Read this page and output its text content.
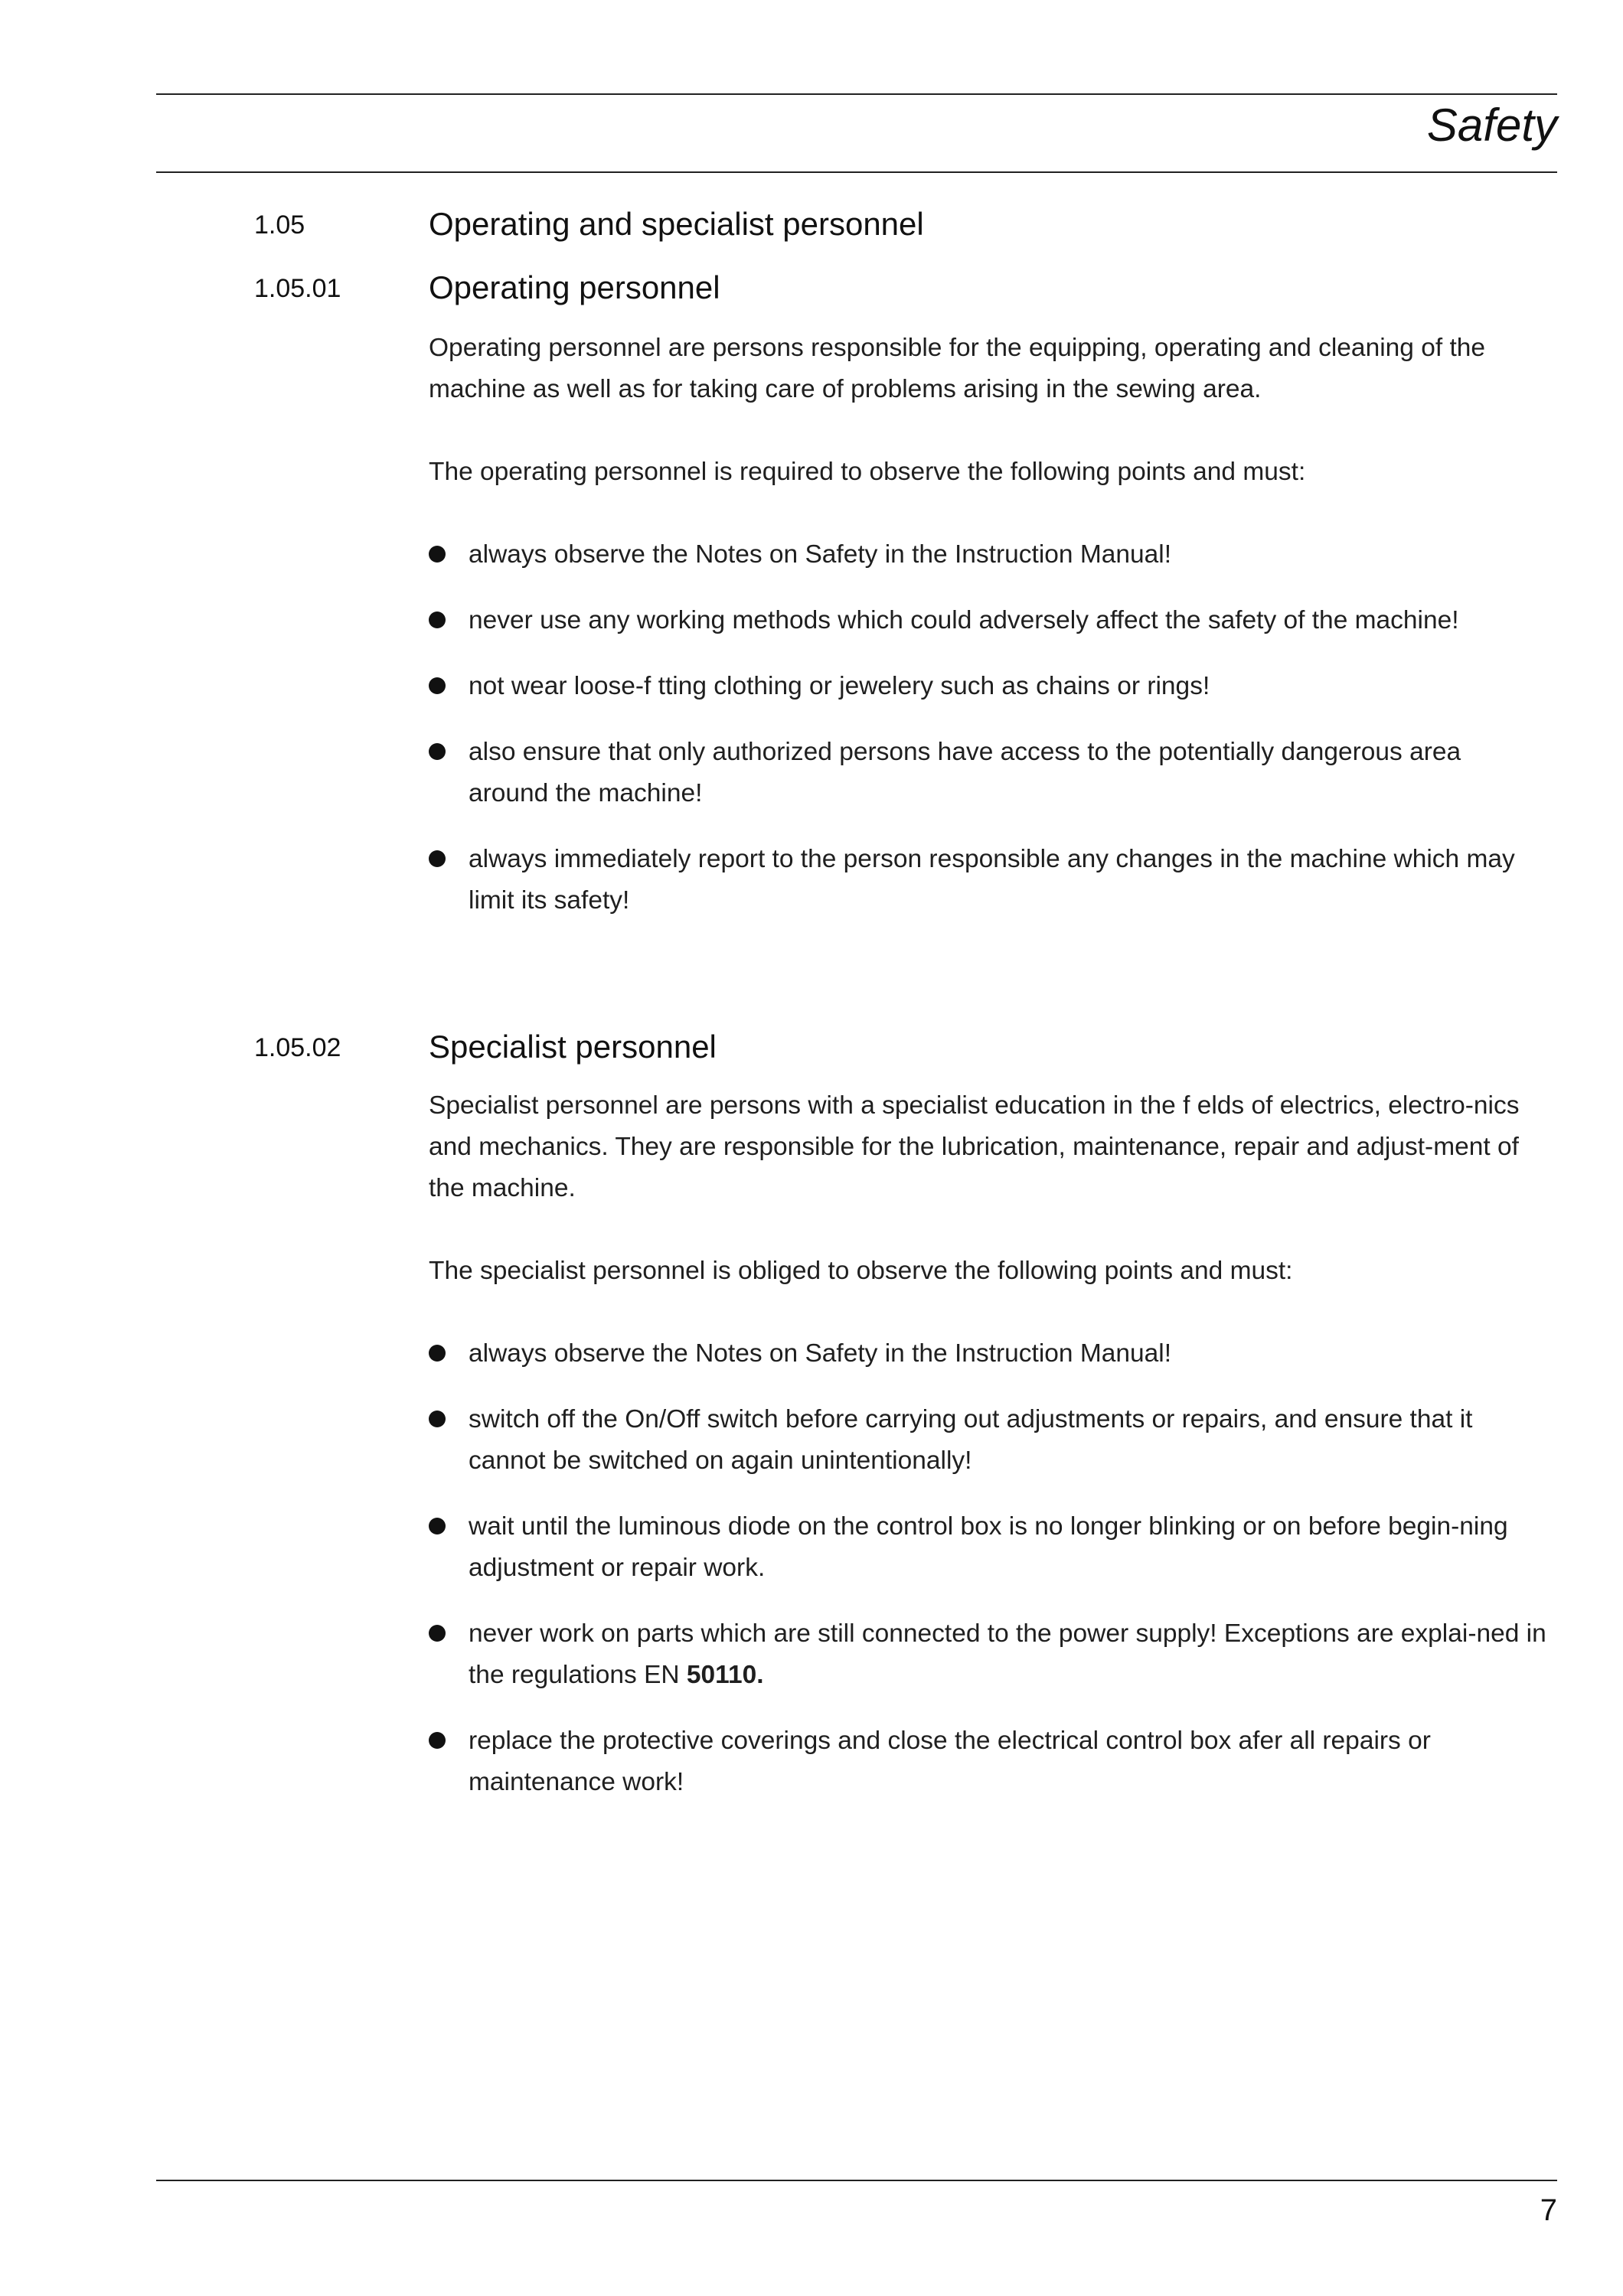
Safety
1.05	Operating and specialist personnel
1.05.01	Operating personnel

Operating personnel are persons responsible for the equipping, operating and cleaning of the machine as well as for taking care of problems arising in the sewing area.

The operating personnel is required to observe the following points and must:

always observe the Notes on Safety in the Instruction Manual!
never use any working methods which could adversely affect the safety of the machine!
not wear loose-f tting clothing or jewelery such as chains or rings!
also ensure that only authorized persons have access to the potentially dangerous area around the machine!
always immediately report to the person responsible any changes in the machine which may limit its safety!
1.05.02	Specialist personnel

Specialist personnel are persons with a specialist education in the f elds of electrics, electro-nics and mechanics. They are responsible for the lubrication, maintenance, repair and adjust-ment of the machine.

The specialist personnel is obliged to observe the following points and must:

always observe the Notes on Safety in the Instruction Manual!
switch off the On/Off switch before carrying out adjustments or repairs, and ensure that it cannot be switched on again unintentionally!
wait until the luminous diode on the control box is no longer blinking or on before begin-ning adjustment or repair work.
never work on parts which are still connected to the power supply! Exceptions are explai-ned in the regulations EN 50110.
replace the protective coverings and close the electrical control box afer all repairs or maintenance work!
7
